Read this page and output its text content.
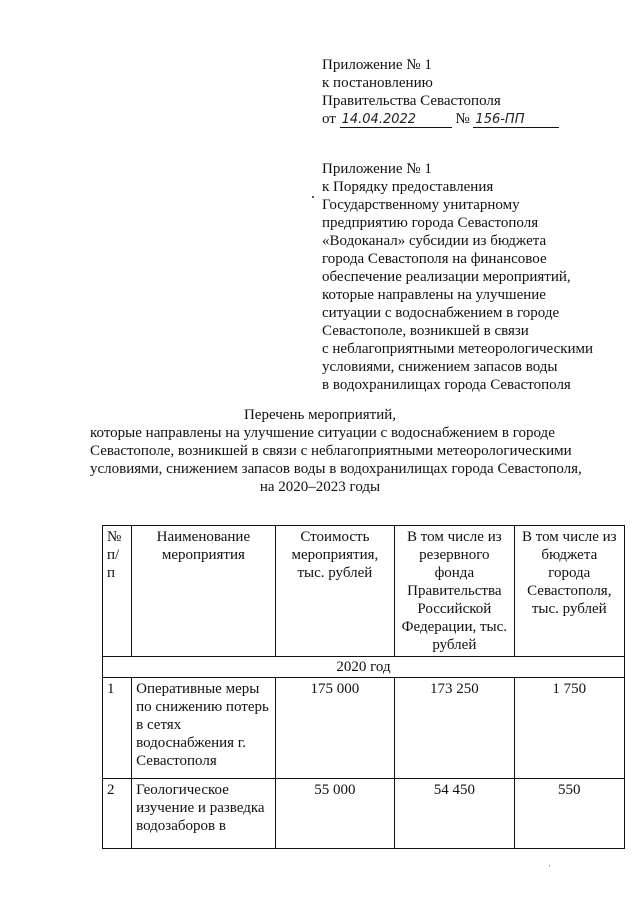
Приложение № 1
к постановлению
Правительства Севастополя
от 14.04.2022	№ 156-ПП
Приложение № 1
к Порядку предоставления
Государственному унитарному
предприятию города Севастополя
«Водоканал» субсидии из бюджета
города Севастополя на финансовое
обеспечение реализации мероприятий,
которые направлены на улучшение
ситуации с водоснабжением в городе
Севастополе, возникшей в связи
с неблагоприятными метеорологическими
условиями, снижением запасов воды
в водохранилищах города Севастополя
Перечень мероприятий,
которые направлены на улучшение ситуации с водоснабжением в городе
Севастополе, возникшей в связи с неблагоприятными метеорологическими
условиями, снижением запасов воды в водохранилищах города Севастополя,
на 2020–2023 годы
№ п/п	Наименование мероприятия	Стоимость мероприятия, тыс. рублей	В том числе из резервного фонда Правительства Российской Федерации, тыс. рублей	В том числе из бюджета города Севастополя, тыс. рублей
2020 год				
1	Оперативные меры по снижению потерь в сетях водоснабжения г. Севастополя	175 000	173 250	1 750
2	Геологическое изучение и разведка водозаборов в	55 000	54 450	550
·
